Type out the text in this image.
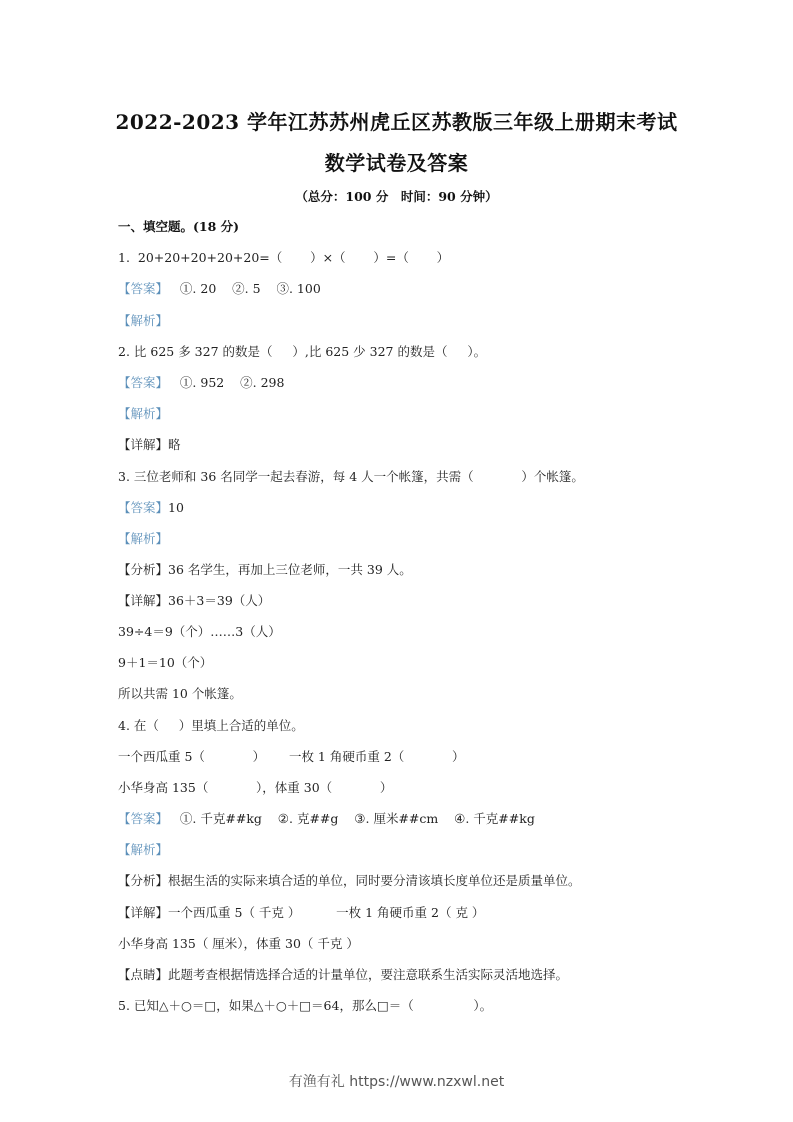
2022-2023 学年江苏苏州虎丘区苏教版三年级上册期末考试
数学试卷及答案
（总分：100 分　时间：90 分钟）
一、填空题。(18 分)
1.  20+20+20+20+20=（       ）×（       ）=（       ）
【答案】   ①. 20    ②. 5    ③. 100
【解析】
2. 比 625 多 327 的数是（     ）,比 625 少 327 的数是（     ）。
【答案】   ①. 952    ②. 298
【解析】
【详解】略
3. 三位老师和 36 名同学一起去春游，每 4 人一个帐篷，共需（            ）个帐篷。
【答案】10
【解析】
【分析】36 名学生，再加上三位老师，一共 39 人。
【详解】36＋3＝39（人）
39÷4＝9（个）……3（人）
9＋1＝10（个）
所以共需 10 个帐篷。
4. 在（     ）里填上合适的单位。
一个西瓜重 5（            ）      一枚 1 角硬币重 2（            ）
小华身高 135（            ），体重 30（            ）
【答案】   ①. 千克##kg    ②. 克##g    ③. 厘米##cm    ④. 千克##kg
【解析】
【分析】根据生活的实际来填合适的单位，同时要分清该填长度单位还是质量单位。
【详解】一个西瓜重 5（ 千克 ）         一枚 1 角硬币重 2（ 克 ）
小华身高 135（ 厘米），体重 30（ 千克 ）
【点睛】此题考查根据情选择合适的计量单位，要注意联系生活实际灵活地选择。
5. 已知△＋○＝□，如果△＋○＋□＝64，那么□＝（               ）。
有渔有礼 https://www.nzxwl.net
